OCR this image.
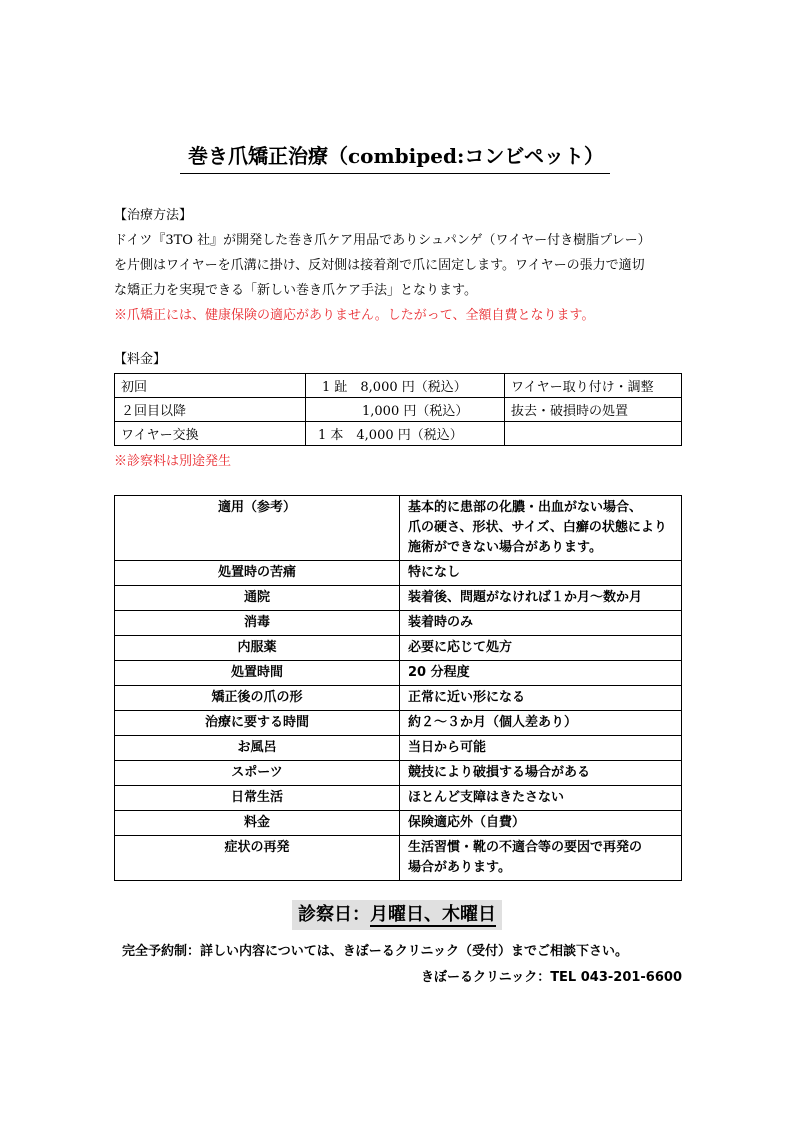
巻き爪矯正治療（combiped:コンビペット）
【治療方法】
ドイツ『3TO 社』が開発した巻き爪ケア用品でありシュパンゲ（ワイヤー付き樹脂プレー）
を片側はワイヤーを爪溝に掛け、反対側は接着剤で爪に固定します。ワイヤーの張力で適切
な矯正力を実現できる「新しい巻き爪ケア手法」となります。
※爪矯正には、健康保険の適応がありません。したがって、全額自費となります。
【料金】
初回	1 趾　8,000 円（税込）	ワイヤー取り付け・調整
２回目以降	1,000 円（税込）	抜去・破損時の処置
ワイヤー交換	1 本　4,000 円（税込）	
※診察料は別途発生
適用（参考）	基本的に患部の化膿・出血がない場合、
爪の硬さ、形状、サイズ、白癬の状態により
施術ができない場合があります。
処置時の苦痛	特になし
通院	装着後、問題がなければ１か月～数か月
消毒	装着時のみ
内服薬	必要に応じて処方
処置時間	20 分程度
矯正後の爪の形	正常に近い形になる
治療に要する時間	約２～３か月（個人差あり）
お風呂	当日から可能
スポーツ	競技により破損する場合がある
日常生活	ほとんど支障はきたさない
料金	保険適応外（自費）
症状の再発	生活習慣・靴の不適合等の要因で再発の
場合があります。
診察日：月曜日、木曜日
完全予約制：詳しい内容については、きぼーるクリニック（受付）までご相談下さい。
きぼーるクリニック：TEL 043-201-6600
